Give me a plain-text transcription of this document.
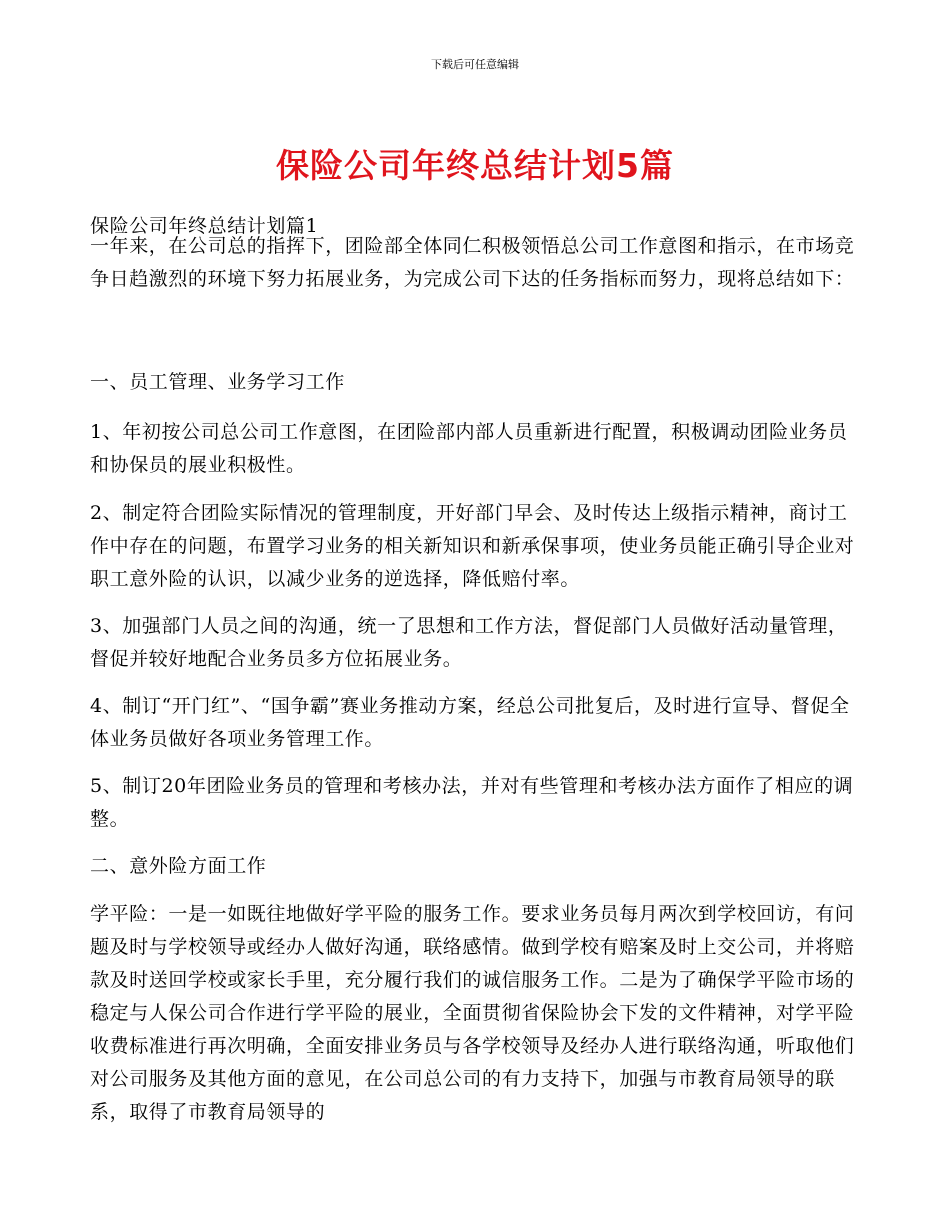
下载后可任意编辑
保险公司年终总结计划5篇

保险公司年终总结计划篇1

一年来，在公司总的指挥下，团险部全体同仁积极领悟总公司工作意图和指示，在市场竞争日趋激烈的环境下努力拓展业务，为完成公司下达的任务指标而努力，现将总结如下：

一、员工管理、业务学习工作

1、年初按公司总公司工作意图，在团险部内部人员重新进行配置，积极调动团险业务员和协保员的展业积极性。

2、制定符合团险实际情况的管理制度，开好部门早会、及时传达上级指示精神，商讨工作中存在的问题，布置学习业务的相关新知识和新承保事项，使业务员能正确引导企业对职工意外险的认识，以减少业务的逆选择，降低赔付率。

3、加强部门人员之间的沟通，统一了思想和工作方法，督促部门人员做好活动量管理，督促并较好地配合业务员多方位拓展业务。

4、制订“开门红”、“国争霸”赛业务推动方案，经总公司批复后，及时进行宣导、督促全体业务员做好各项业务管理工作。

5、制订20年团险业务员的管理和考核办法，并对有些管理和考核办法方面作了相应的调整。

二、意外险方面工作

学平险：一是一如既往地做好学平险的服务工作。要求业务员每月两次到学校回访，有问题及时与学校领导或经办人做好沟通，联络感情。做到学校有赔案及时上交公司，并将赔款及时送回学校或家长手里，充分履行我们的诚信服务工作。二是为了确保学平险市场的稳定与人保公司合作进行学平险的展业，全面贯彻省保险协会下发的文件精神，对学平险收费标准进行再次明确，全面安排业务员与各学校领导及经办人进行联络沟通，听取他们对公司服务及其他方面的意见，在公司总公司的有力支持下，加强与市教育局领导的联系，取得了市教育局领导的
